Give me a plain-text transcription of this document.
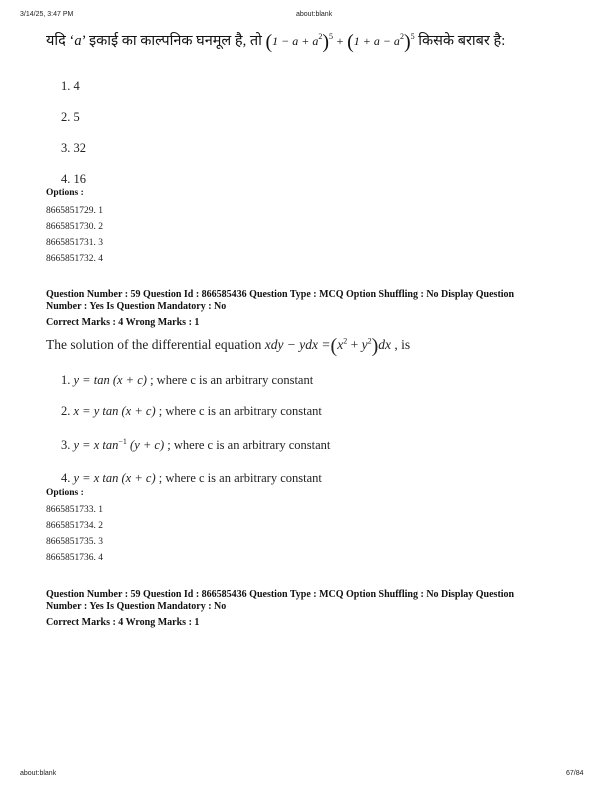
3/14/25, 3:47 PM	about:blank
यदि ‘a’ इकाई का काल्पनिक घनमूल है, तो $(1 - a + a^2)^5 + (1 + a - a^2)^5$ किसके बराबर है:
1. 4
2. 5
3. 32
4. 16
Options :
8665851729. 1
8665851730. 2
8665851731. 3
8665851732. 4
Question Number : 59 Question Id : 866585436 Question Type : MCQ Option Shuffling : No Display Question
Number : Yes Is Question Mandatory : No
Correct Marks : 4 Wrong Marks : 1
The solution of the differential equation xdy − ydx $=(x^2 + y^2)dx$ , is
1. y = tan (x + c) ; where c is an arbitrary constant
2. x = y tan (x + c) ; where c is an arbitrary constant
3. y = x $\tan^{-1} (y + c)$ ; where c is an arbitrary constant
4. y = x tan (x + c) ; where c is an arbitrary constant
Options :
8665851733. 1
8665851734. 2
8665851735. 3
8665851736. 4
Question Number : 59 Question Id : 866585436 Question Type : MCQ Option Shuffling : No Display Question
Number : Yes Is Question Mandatory : No
Correct Marks : 4 Wrong Marks : 1
about:blank	67/84
